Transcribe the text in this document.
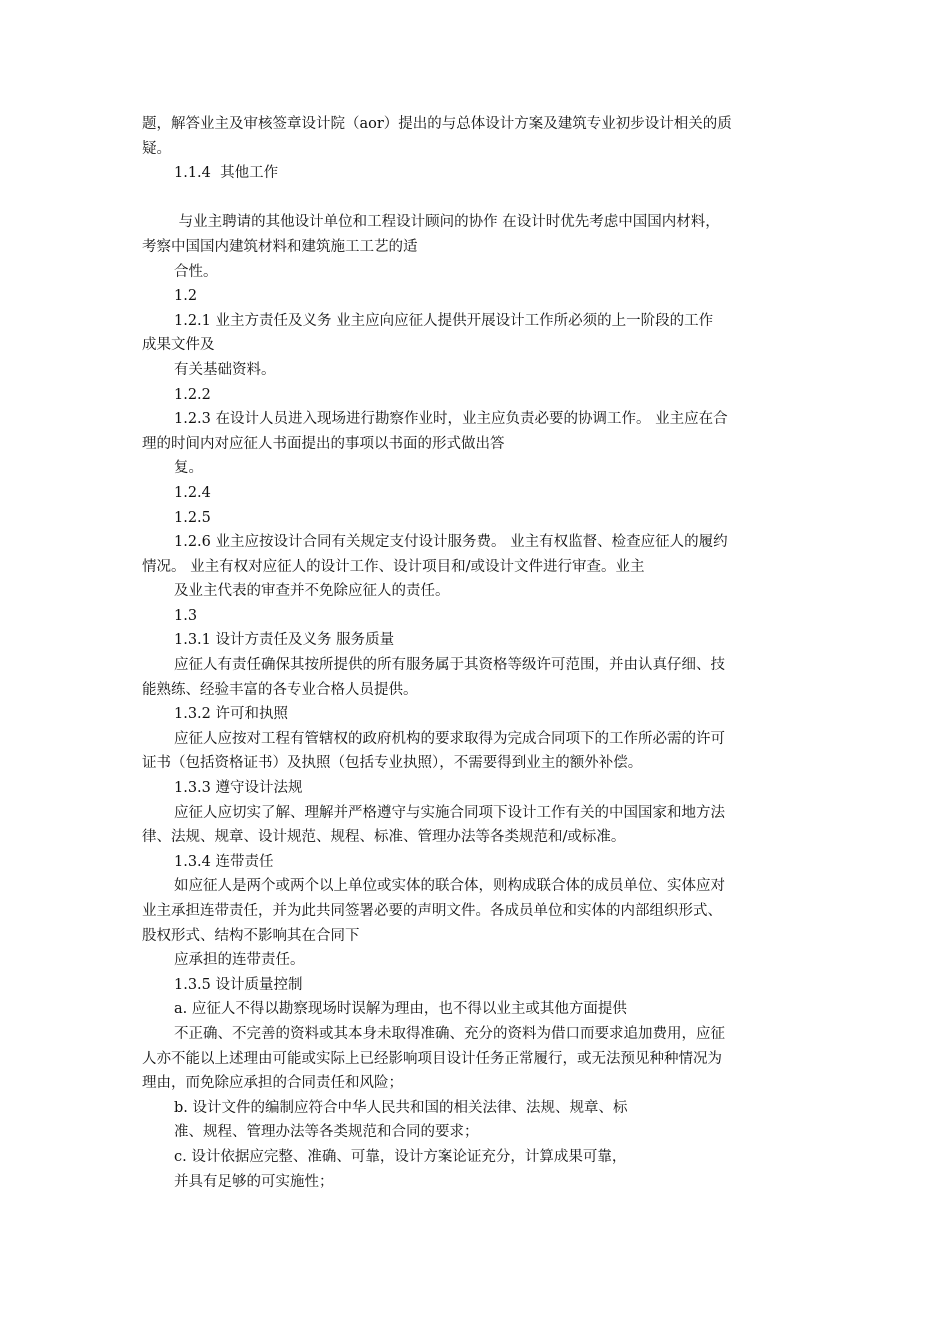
题，解答业主及审核签章设计院（aor）提出的与总体设计方案及建筑专业初步设计相关的质
疑。
1.1.4  其他工作
与业主聘请的其他设计单位和工程设计顾问的协作 在设计时优先考虑中国国内材料，
考察中国国内建筑材料和建筑施工工艺的适
合性。
1.2
1.2.1 业主方责任及义务 业主应向应征人提供开展设计工作所必须的上一阶段的工作
成果文件及
有关基础资料。
1.2.2
1.2.3 在设计人员进入现场进行勘察作业时，业主应负责必要的协调工作。 业主应在合
理的时间内对应征人书面提出的事项以书面的形式做出答
复。
1.2.4
1.2.5
1.2.6 业主应按设计合同有关规定支付设计服务费。 业主有权监督、检查应征人的履约
情况。 业主有权对应征人的设计工作、设计项目和/或设计文件进行审查。业主
及业主代表的审查并不免除应征人的责任。
1.3
1.3.1 设计方责任及义务 服务质量
应征人有责任确保其按所提供的所有服务属于其资格等级许可范围，并由认真仔细、技
能熟练、经验丰富的各专业合格人员提供。
1.3.2 许可和执照
应征人应按对工程有管辖权的政府机构的要求取得为完成合同项下的工作所必需的许可
证书（包括资格证书）及执照（包括专业执照），不需要得到业主的额外补偿。
1.3.3 遵守设计法规
应征人应切实了解、理解并严格遵守与实施合同项下设计工作有关的中国国家和地方法
律、法规、规章、设计规范、规程、标准、管理办法等各类规范和/或标准。
1.3.4 连带责任
如应征人是两个或两个以上单位或实体的联合体，则构成联合体的成员单位、实体应对
业主承担连带责任，并为此共同签署必要的声明文件。各成员单位和实体的内部组织形式、
股权形式、结构不影响其在合同下
应承担的连带责任。
1.3.5 设计质量控制
a. 应征人不得以勘察现场时误解为理由，也不得以业主或其他方面提供
不正确、不完善的资料或其本身未取得准确、充分的资料为借口而要求追加费用，应征
人亦不能以上述理由可能或实际上已经影响项目设计任务正常履行，或无法预见种种情况为
理由，而免除应承担的合同责任和风险；
b. 设计文件的编制应符合中华人民共和国的相关法律、法规、规章、标
准、规程、管理办法等各类规范和合同的要求；
c. 设计依据应完整、准确、可靠，设计方案论证充分，计算成果可靠，
并具有足够的可实施性；
